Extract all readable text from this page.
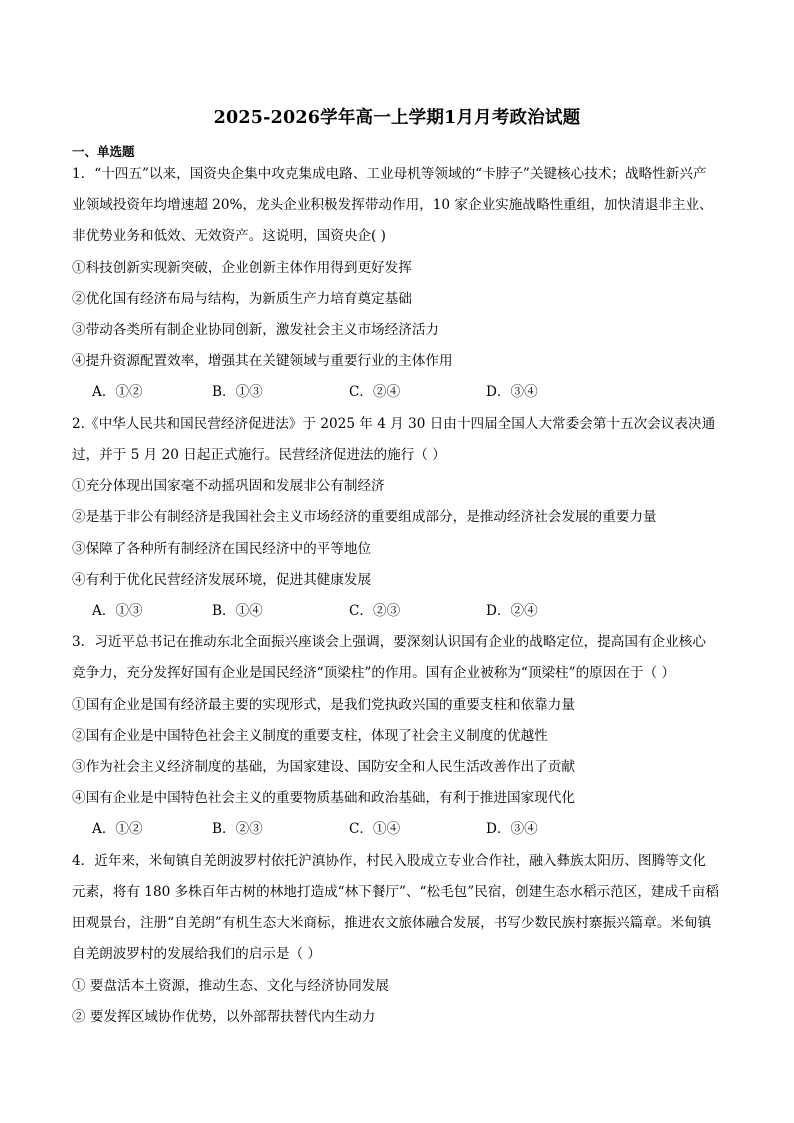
2025-2026学年高一上学期1月月考政治试题
一、单选题
1．“十四五”以来，国资央企集中攻克集成电路、工业母机等领域的“卡脖子”关键核心技术；战略性新兴产
业领域投资年均增速超 20%，龙头企业积极发挥带动作用，10 家企业实施战略性重组，加快清退非主业、
非优势业务和低效、无效资产。这说明，国资央企( )
①科技创新实现新突破，企业创新主体作用得到更好发挥
②优化国有经济布局与结构，为新质生产力培育奠定基础
③带动各类所有制企业协同创新，激发社会主义市场经济活力
④提升资源配置效率，增强其在关键领域与重要行业的主体作用
A．①②	B．①③	C．②④	D．③④
2.《中华人民共和国民营经济促进法》于 2025 年 4 月 30 日由十四届全国人大常委会第十五次会议表决通
过，并于 5 月 20 日起正式施行。民营经济促进法的施行（ ）
①充分体现出国家毫不动摇巩固和发展非公有制经济
②是基于非公有制经济是我国社会主义市场经济的重要组成部分，是推动经济社会发展的重要力量
③保障了各种所有制经济在国民经济中的平等地位
④有利于优化民营经济发展环境，促进其健康发展
A．①③	B．①④	C．②③	D．②④
3．习近平总书记在推动东北全面振兴座谈会上强调，要深刻认识国有企业的战略定位，提高国有企业核心
竞争力，充分发挥好国有企业是国民经济“顶梁柱”的作用。国有企业被称为“顶梁柱”的原因在于（ ）
①国有企业是国有经济最主要的实现形式，是我们党执政兴国的重要支柱和依靠力量
②国有企业是中国特色社会主义制度的重要支柱，体现了社会主义制度的优越性
③作为社会主义经济制度的基础，为国家建设、国防安全和人民生活改善作出了贡献
④国有企业是中国特色社会主义的重要物质基础和政治基础，有利于推进国家现代化
A．①②	B．②③	C．①④	D．③④
4．近年来，米甸镇自羌朗波罗村依托沪滇协作，村民入股成立专业合作社，融入彝族太阳历、图腾等文化
元素，将有 180 多株百年古树的林地打造成“林下餐厅”、“松毛包”民宿，创建生态水稻示范区，建成千亩稻
田观景台，注册“自羌朗”有机生态大米商标，推进农文旅体融合发展，书写少数民族村寨振兴篇章。米甸镇
自羌朗波罗村的发展给我们的启示是（ ）
① 要盘活本土资源，推动生态、文化与经济协同发展
② 要发挥区域协作优势，以外部帮扶替代内生动力
